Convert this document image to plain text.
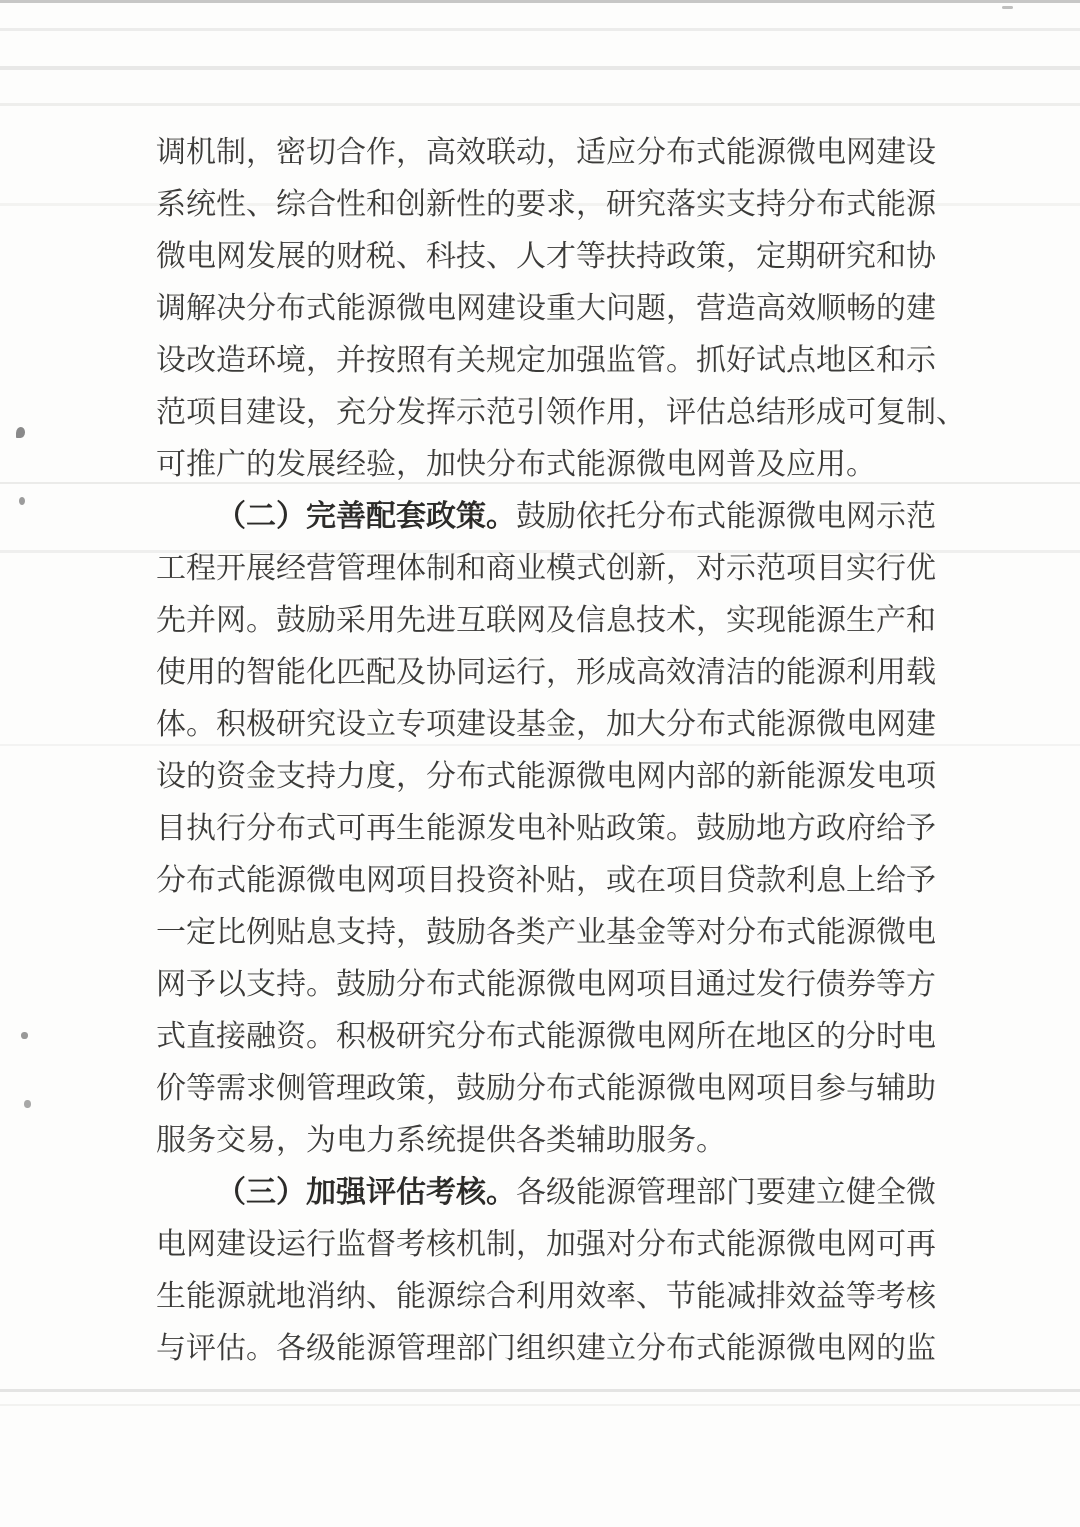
调机制，密切合作，高效联动，适应分布式能源微电网建设
系统性、综合性和创新性的要求，研究落实支持分布式能源
微电网发展的财税、科技、人才等扶持政策，定期研究和协
调解决分布式能源微电网建设重大问题，营造高效顺畅的建
设改造环境，并按照有关规定加强监管。抓好试点地区和示
范项目建设，充分发挥示范引领作用，评估总结形成可复制、
可推广的发展经验，加快分布式能源微电网普及应用。
（二）完善配套政策。鼓励依托分布式能源微电网示范
工程开展经营管理体制和商业模式创新，对示范项目实行优
先并网。鼓励采用先进互联网及信息技术，实现能源生产和
使用的智能化匹配及协同运行，形成高效清洁的能源利用载
体。积极研究设立专项建设基金，加大分布式能源微电网建
设的资金支持力度，分布式能源微电网内部的新能源发电项
目执行分布式可再生能源发电补贴政策。鼓励地方政府给予
分布式能源微电网项目投资补贴，或在项目贷款利息上给予
一定比例贴息支持，鼓励各类产业基金等对分布式能源微电
网予以支持。鼓励分布式能源微电网项目通过发行债券等方
式直接融资。积极研究分布式能源微电网所在地区的分时电
价等需求侧管理政策，鼓励分布式能源微电网项目参与辅助
服务交易，为电力系统提供各类辅助服务。
（三）加强评估考核。各级能源管理部门要建立健全微
电网建设运行监督考核机制，加强对分布式能源微电网可再
生能源就地消纳、能源综合利用效率、节能减排效益等考核
与评估。各级能源管理部门组织建立分布式能源微电网的监
